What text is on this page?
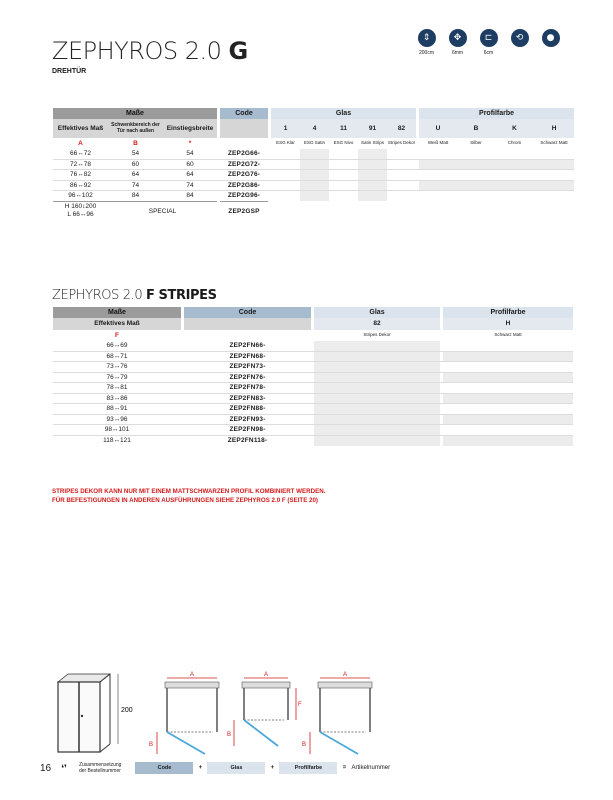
ZEPHYROS 2.0 G
DREHTÜR
⇕
200cm
✥
6mm
⊏
6cm
⟲	●
Maße				Code		Glas						Profilfarbe			
Effektives Maß	Schwenkbereich der Tür nach außen	Einstiegsbreite				1	4	11	91	82		U	B	K	H
A	B	*				ESG Klar	ESG Satin	ESG Nivo	Satin Strips	Stripes Dekor		Weiß Matt	Silber	Chrom	Schwarz Matt
66↔72	54	54		ZEP2G66-											
72↔78	60	60		ZEP2G72-											
76↔82	64	64		ZEP2G76-											
86↔92	74	74		ZEP2G86-											
96↔102	84	84		ZEP2G96-											
H 160↕200
L 66↔96	SPECIAL			ZEP2GSP											
ZEPHYROS 2.0 F STRIPES
Maße		Code		Glas		Profilfarbe
Effektives Maß				82		H
F				Stripes Dekor		Schwarz Matt
66↔69		ZEP2FN66-				
68↔71		ZEP2FN68-				
73↔76		ZEP2FN73-				
76↔79		ZEP2FN76-				
78↔81		ZEP2FN78-				
83↔86		ZEP2FN83-				
88↔91		ZEP2FN88-				
93↔96		ZEP2FN93-				
98↔101		ZEP2FN98-				
118↔121		ZEP2FN118-				
STRIPES DEKOR KANN NUR MIT EINEM MATTSCHWARZEN PROFIL KOMBINIERT WERDEN.
FÜR BEFESTIGUNGEN IN ANDEREN AUSFÜHRUNGEN SIEHE ZEPHYROS 2.0 F (SEITE 20)
200
A
B
A
B
F
A
B
16 ❛❜ Zusammensetzung
der Bestellnummer	Code	+	Glas	+	Profilfarbe	= Artikelnummer
